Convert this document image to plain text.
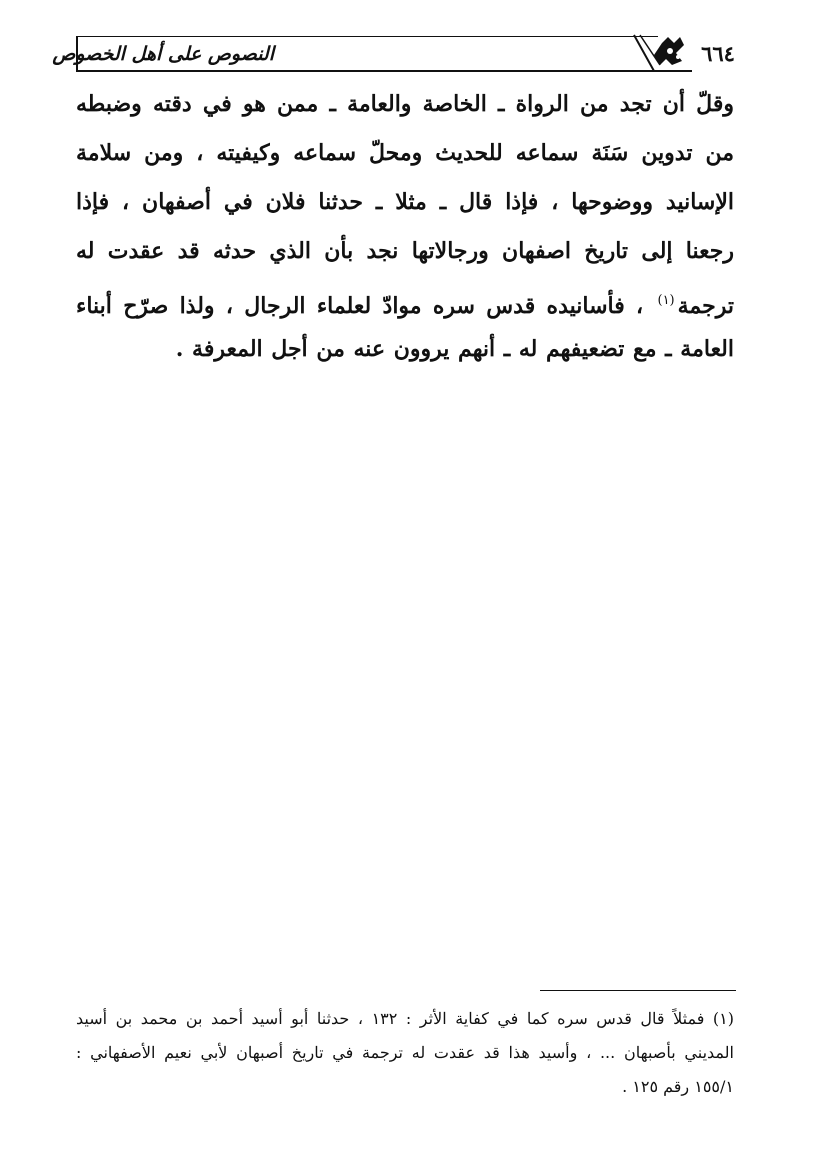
النصوص على أهل الخصوص	٦٦٤
وقلّ أن تجد من الرواة ـ الخاصة والعامة ـ ممن هو في دقته وضبطه
من تدوين سَنَة سماعه للحديث ومحلّ سماعه وكيفيته ، ومن سلامة
الإسانيد ووضوحها ، فإذا قال ـ مثلا ـ حدثنا فلان في أصفهان ، فإذا
رجعنا إلى تاريخ اصفهان ورجالاتها نجد بأن الذي حدثه قد عقدت له
ترجمة$^{(١)}$ ، فأسانيده قدس سره موادّ لعلماء الرجال ، ولذا صرّح أبناء
العامة ـ مع تضعيفهم له ـ أنهم يروون عنه من أجل المعرفة .
(١) فمثلاً قال قدس سره كما في كفاية الأثر : ١٣٢ ، حدثنا أبو أسيد أحمد بن محمد بن أسيد
المديني بأصبهان ... ، وأسيد هذا قد عقدت له ترجمة في تاريخ أصبهان لأبي نعيم الأصفهاني :
١٥٥/١ رقم ١٢٥ .
